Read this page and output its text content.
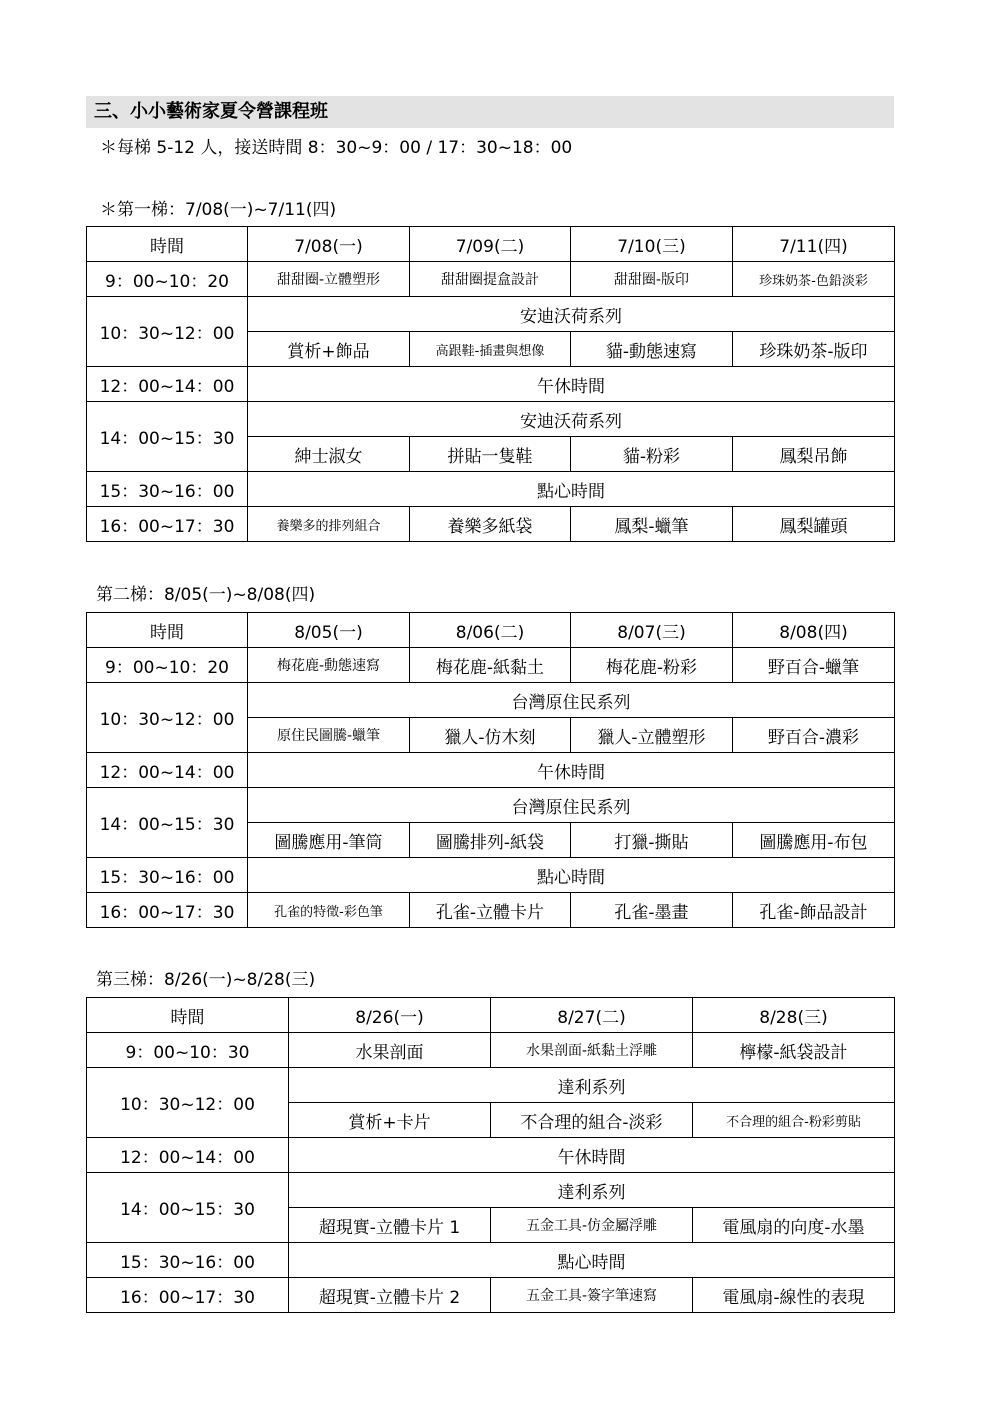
三、小小藝術家夏令營課程班
＊每梯 5-12 人，接送時間 8：30~9：00 / 17：30~18：00
＊第一梯：7/08(一)~7/11(四)
時間	7/08(一)	7/09(二)	7/10(三)	7/11(四)
9：00~10：20	甜甜圈-立體塑形	甜甜圈提盒設計	甜甜圈-版印	珍珠奶茶-色鉛淡彩
10：30~12：00	安迪沃荷系列			
	賞析+飾品	高跟鞋-插畫與想像	貓-動態速寫	珍珠奶茶-版印
12：00~14：00	午休時間			
14：00~15：30	安迪沃荷系列			
	紳士淑女	拼貼一隻鞋	貓-粉彩	鳳梨吊飾
15：30~16：00	點心時間			
16：00~17：30	養樂多的排列組合	養樂多紙袋	鳳梨-蠟筆	鳳梨罐頭
第二梯：8/05(一)~8/08(四)
時間	8/05(一)	8/06(二)	8/07(三)	8/08(四)
9：00~10：20	梅花鹿-動態速寫	梅花鹿-紙黏土	梅花鹿-粉彩	野百合-蠟筆
10：30~12：00	台灣原住民系列			
	原住民圖騰-蠟筆	獵人-仿木刻	獵人-立體塑形	野百合-濃彩
12：00~14：00	午休時間			
14：00~15：30	台灣原住民系列			
	圖騰應用-筆筒	圖騰排列-紙袋	打獵-撕貼	圖騰應用-布包
15：30~16：00	點心時間			
16：00~17：30	孔雀的特徵-彩色筆	孔雀-立體卡片	孔雀-墨畫	孔雀-飾品設計
第三梯：8/26(一)~8/28(三)
時間	8/26(一)	8/27(二)	8/28(三)
9：00~10：30	水果剖面	水果剖面-紙黏土浮雕	檸檬-紙袋設計
10：30~12：00	達利系列		
	賞析+卡片	不合理的組合-淡彩	不合理的組合-粉彩剪貼
12：00~14：00	午休時間		
14：00~15：30	達利系列		
	超現實-立體卡片 1	五金工具-仿金屬浮雕	電風扇的向度-水墨
15：30~16：00	點心時間		
16：00~17：30	超現實-立體卡片 2	五金工具-簽字筆速寫	電風扇-線性的表現
